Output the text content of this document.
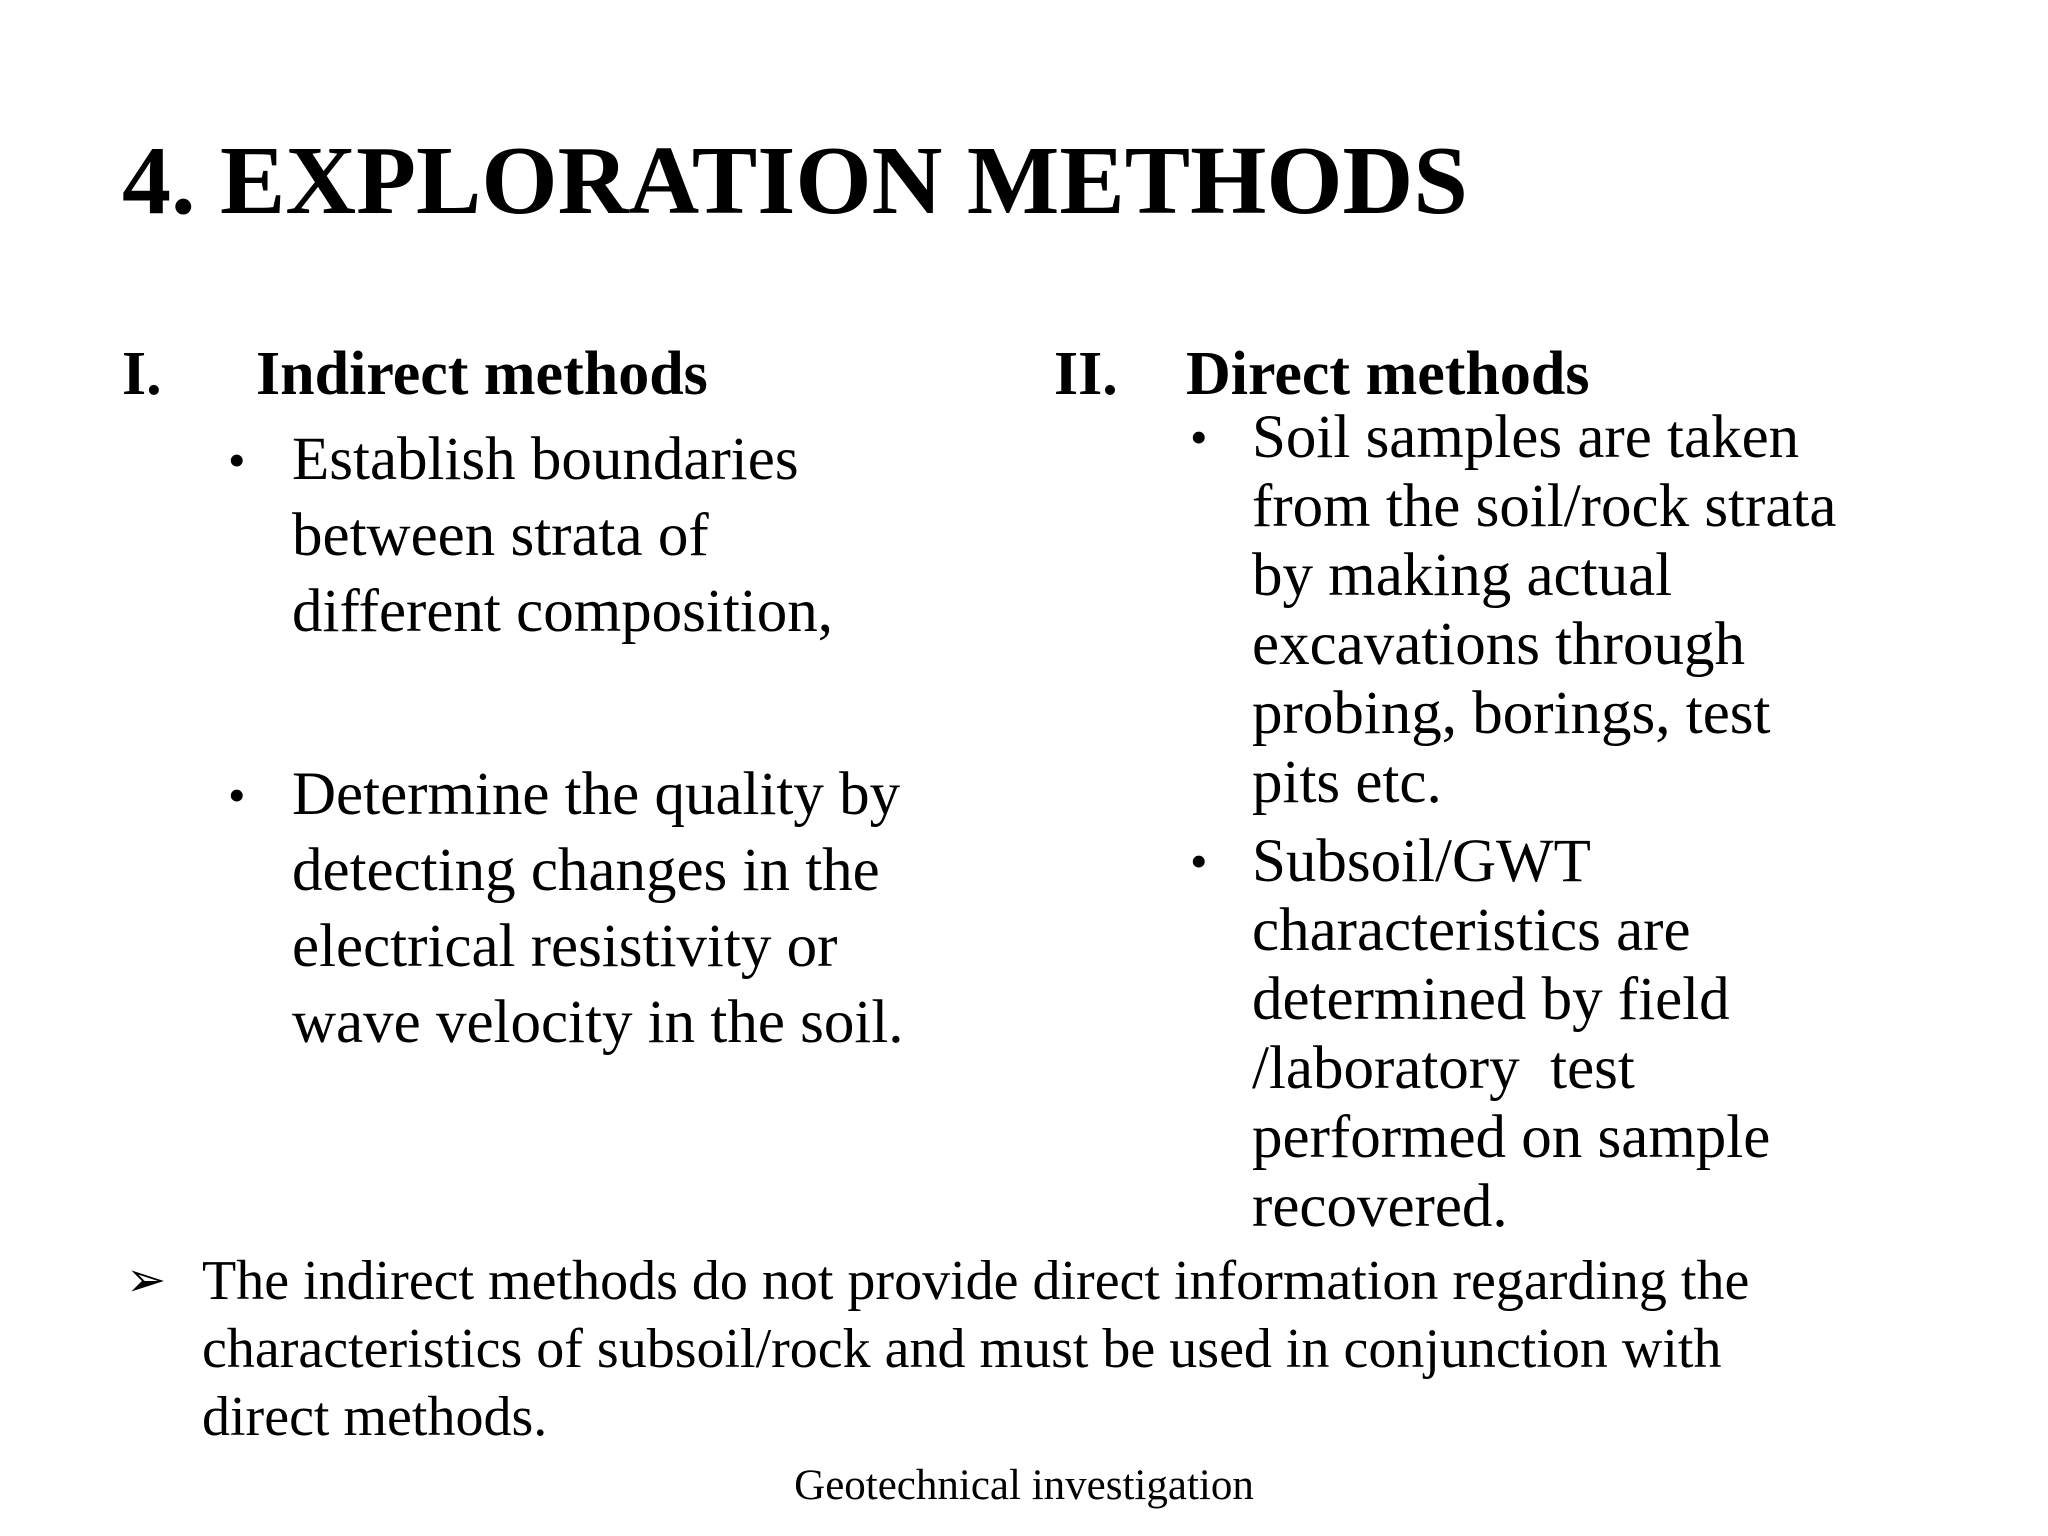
4. EXPLORATION METHODS
I. Indirect methods
• Establish boundaries
between strata of
different composition,
• Determine the quality by
detecting changes in the
electrical resistivity or
wave velocity in the soil.
II. Direct methods
• Soil samples are taken
from the soil/rock strata
by making actual
excavations through
probing, borings, test
pits etc.
• Subsoil/GWT
characteristics are
determined by field
/laboratory  test
performed on sample
recovered.
➢ The indirect methods do not provide direct information regarding the
characteristics of subsoil/rock and must be used in conjunction with
direct methods.
Geotechnical investigation
